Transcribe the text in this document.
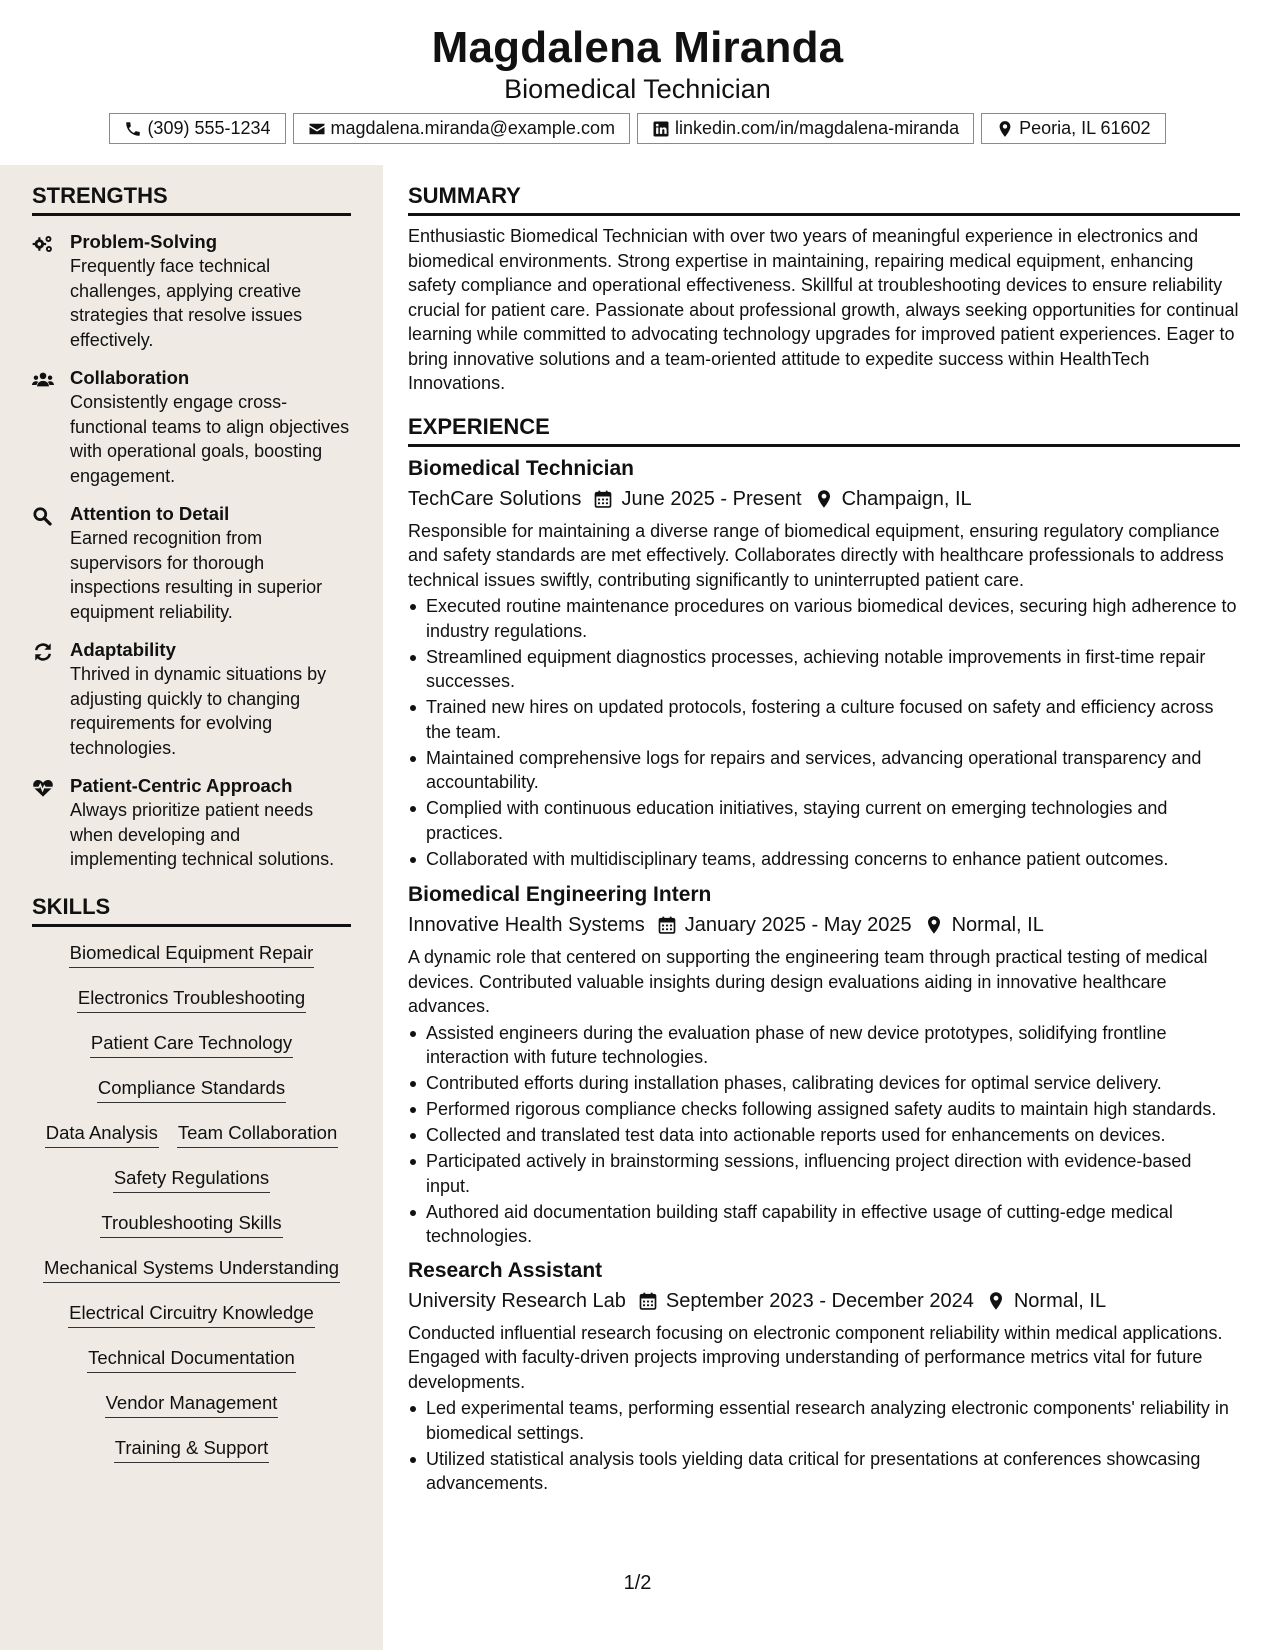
Magdalena Miranda
Biomedical Technician
(309) 555-1234	magdalena.miranda@example.com	linkedin.com/in/magdalena-miranda	Peoria, IL 61602
STRENGTHS
Problem-Solving
Frequently face technical challenges, applying creative strategies that resolve issues effectively.
Collaboration
Consistently engage cross-functional teams to align objectives with operational goals, boosting engagement.
Attention to Detail
Earned recognition from supervisors for thorough inspections resulting in superior equipment reliability.
Adaptability
Thrived in dynamic situations by adjusting quickly to changing requirements for evolving technologies.
Patient-Centric Approach
Always prioritize patient needs when developing and implementing technical solutions.
SKILLS
Biomedical Equipment Repair
Electronics Troubleshooting
Patient Care Technology
Compliance Standards
Data Analysis Team Collaboration
Safety Regulations
Troubleshooting Skills
Mechanical Systems Understanding
Electrical Circuitry Knowledge
Technical Documentation
Vendor Management
Training & Support
SUMMARY
Enthusiastic Biomedical Technician with over two years of meaningful experience in electronics and biomedical environments. Strong expertise in maintaining, repairing medical equipment, enhancing safety compliance and operational effectiveness. Skillful at troubleshooting devices to ensure reliability crucial for patient care. Passionate about professional growth, always seeking opportunities for continual learning while committed to advocating technology upgrades for improved patient experiences. Eager to bring innovative solutions and a team-oriented attitude to expedite success within HealthTech Innovations.
EXPERIENCE
Biomedical Technician
TechCare Solutions June 2025 - Present Champaign, IL
Responsible for maintaining a diverse range of biomedical equipment, ensuring regulatory compliance and safety standards are met effectively. Collaborates directly with healthcare professionals to address technical issues swiftly, contributing significantly to uninterrupted patient care.
Executed routine maintenance procedures on various biomedical devices, securing high adherence to industry regulations.
Streamlined equipment diagnostics processes, achieving notable improvements in first-time repair successes.
Trained new hires on updated protocols, fostering a culture focused on safety and efficiency across the team.
Maintained comprehensive logs for repairs and services, advancing operational transparency and accountability.
Complied with continuous education initiatives, staying current on emerging technologies and practices.
Collaborated with multidisciplinary teams, addressing concerns to enhance patient outcomes.
Biomedical Engineering Intern
Innovative Health Systems January 2025 - May 2025 Normal, IL
A dynamic role that centered on supporting the engineering team through practical testing of medical devices. Contributed valuable insights during design evaluations aiding in innovative healthcare advances.
Assisted engineers during the evaluation phase of new device prototypes, solidifying frontline interaction with future technologies.
Contributed efforts during installation phases, calibrating devices for optimal service delivery.
Performed rigorous compliance checks following assigned safety audits to maintain high standards.
Collected and translated test data into actionable reports used for enhancements on devices.
Participated actively in brainstorming sessions, influencing project direction with evidence-based input.
Authored aid documentation building staff capability in effective usage of cutting-edge medical technologies.
Research Assistant
University Research Lab September 2023 - December 2024 Normal, IL
Conducted influential research focusing on electronic component reliability within medical applications. Engaged with faculty-driven projects improving understanding of performance metrics vital for future developments.
Led experimental teams, performing essential research analyzing electronic components' reliability in biomedical settings.
Utilized statistical analysis tools yielding data critical for presentations at conferences showcasing advancements.
1/2
